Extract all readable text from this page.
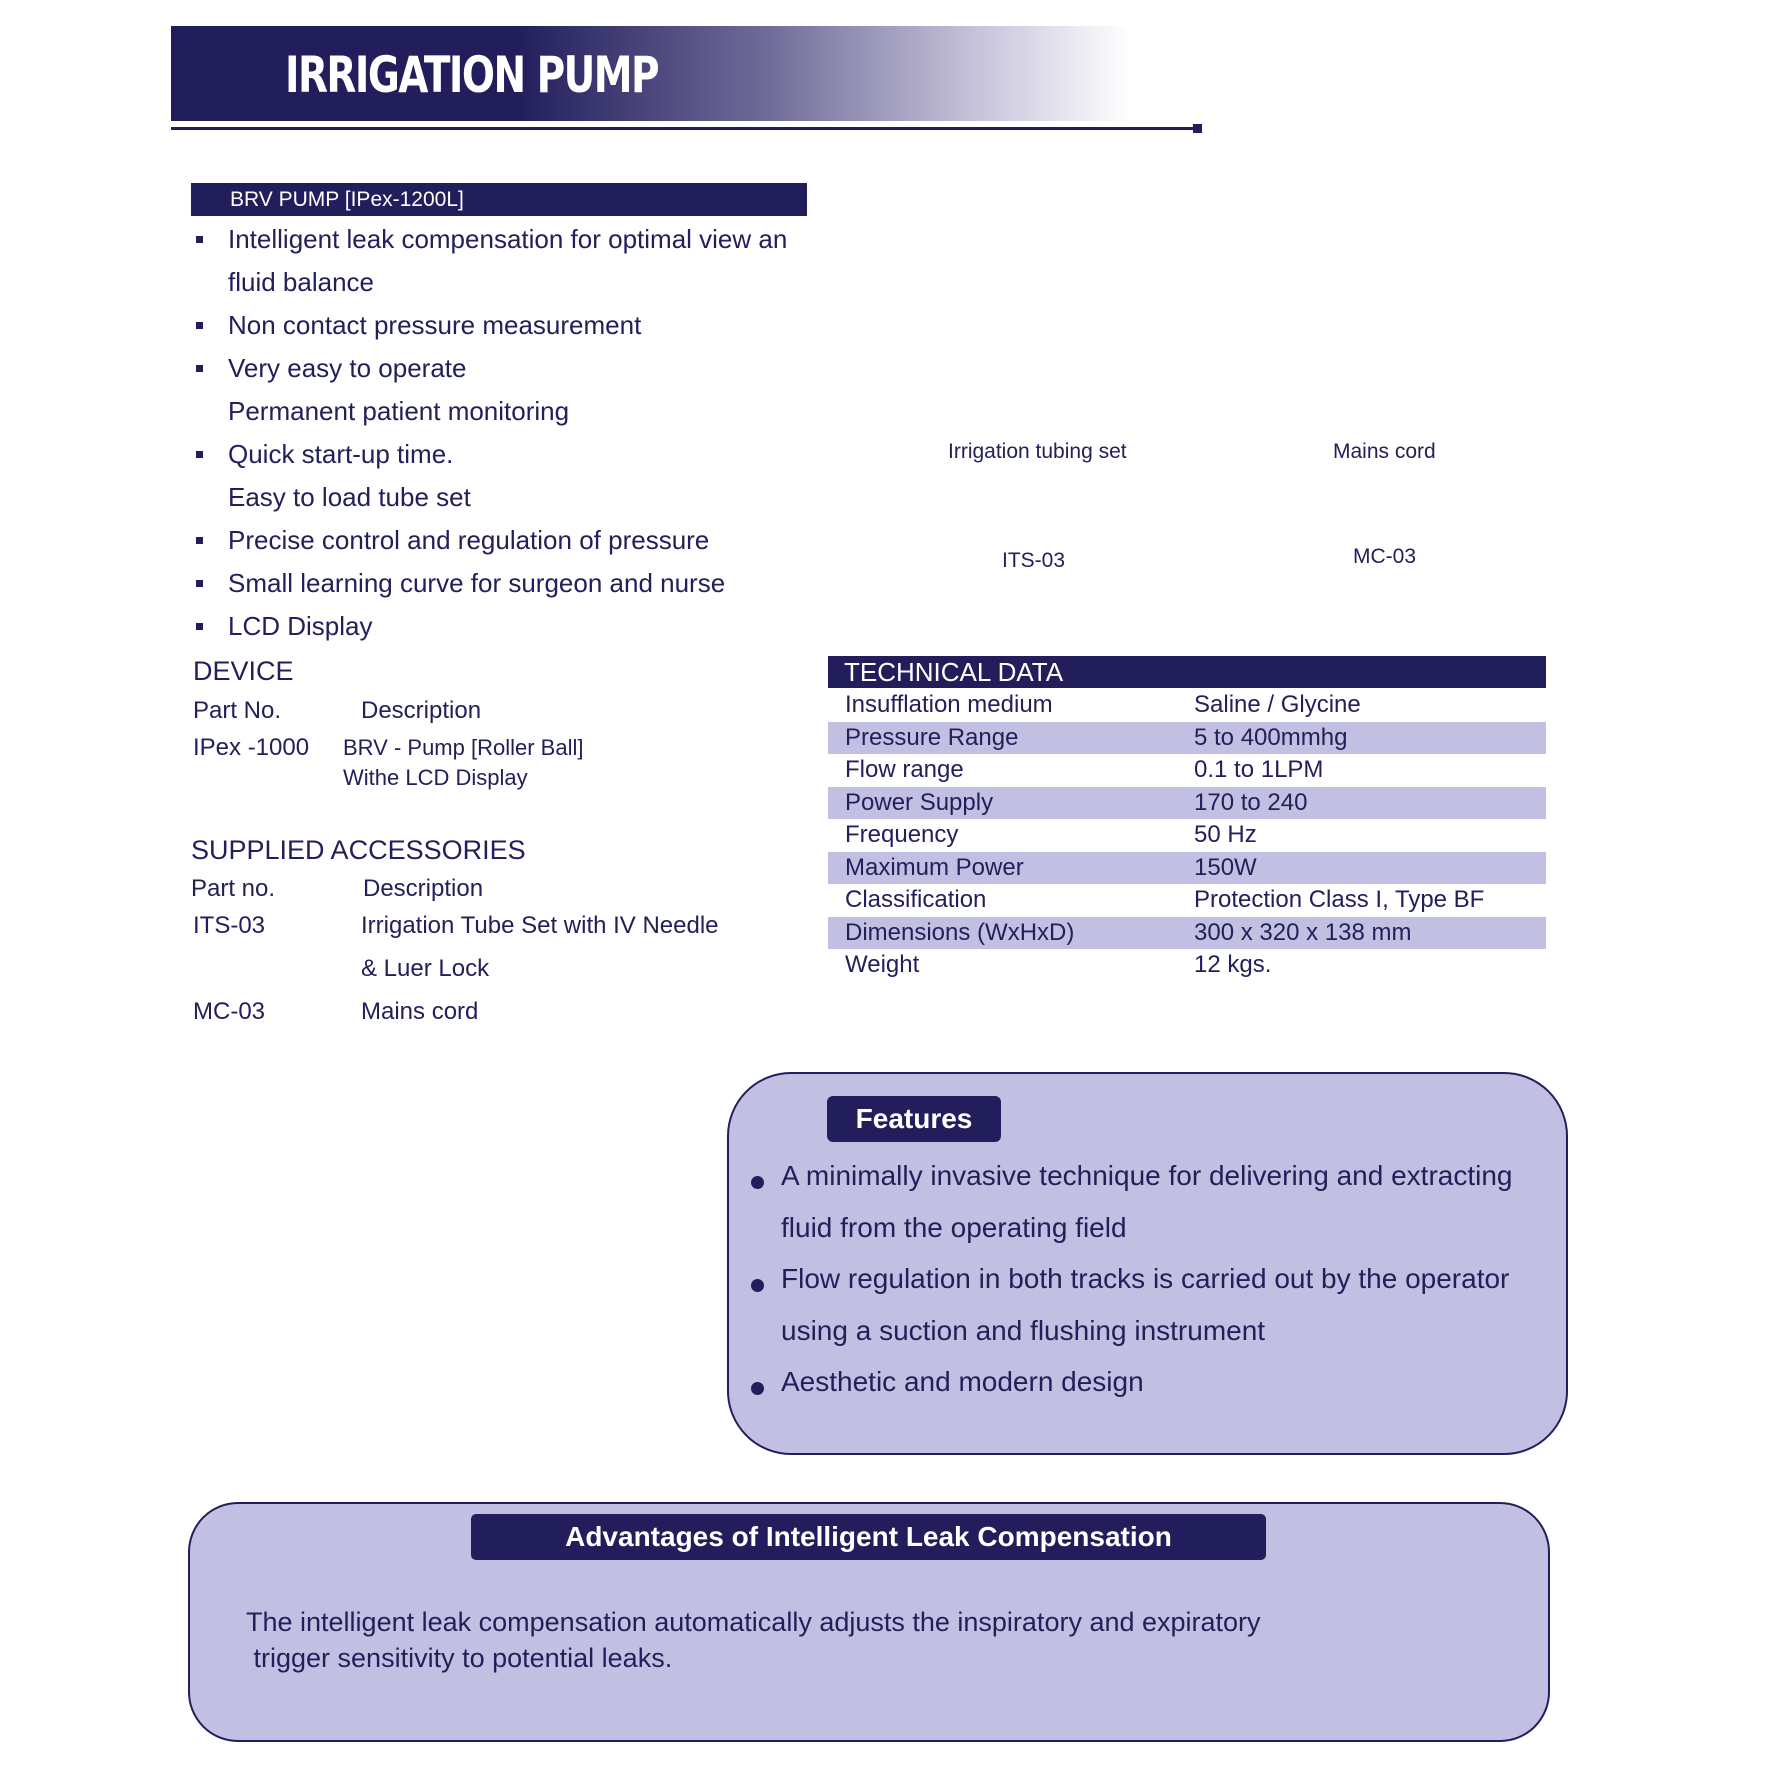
IRRIGATION PUMP
BRV PUMP [IPex-1200L]
Intelligent leak compensation for optimal view an
fluid balance
Non contact pressure measurement
Very easy to operate
Permanent patient monitoring
Quick start-up time.
Easy to load tube set
Precise control and regulation of pressure
Small learning curve for surgeon and nurse
LCD Display
Irrigation tubing set	Mains cord
ITS-03	MC-03
DEVICE
Part No.	Description
IPex -1000 BRV - Pump [Roller Ball]
Withe LCD Display
SUPPLIED ACCESSORIES
Part no.	Description
ITS-03	Irrigation Tube Set with IV Needle
& Luer Lock
MC-03	Mains cord
TECHNICAL DATA
Insufflation medium	Saline / Glycine
Pressure Range	5 to 400mmhg
Flow range	0.1 to 1LPM
Power Supply	170 to 240
Frequency	50 Hz
Maximum Power	150W
Classification	Protection Class I, Type BF
Dimensions (WxHxD)	300 x 320 x 138 mm
Weight	12 kgs.
Features
A minimally invasive technique for delivering and extracting
fluid from the operating field
Flow regulation in both tracks is carried out by the operator
using a suction and flushing instrument
Aesthetic and modern design
Advantages of Intelligent Leak Compensation
The intelligent leak compensation automatically adjusts the inspiratory and expiratory
trigger sensitivity to potential leaks.
